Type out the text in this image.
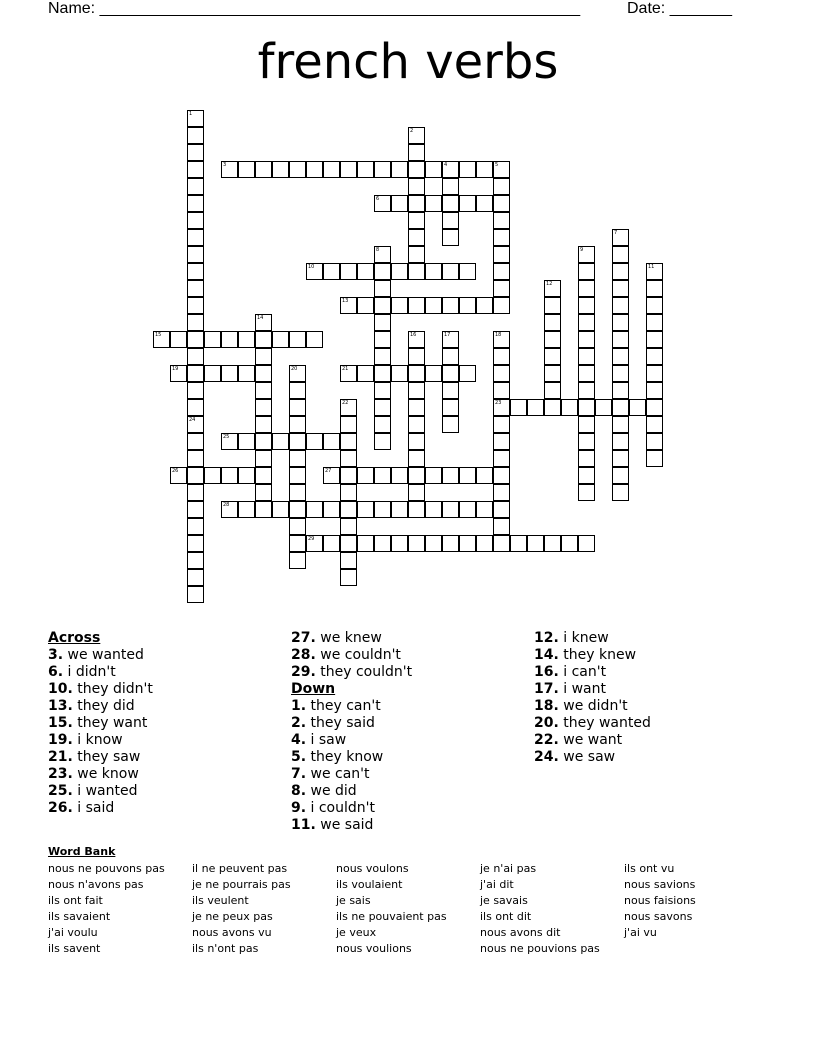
Name: ______________________________________________________	Date: _______
french verbs
1
24
2
3	4	5
6
7
8	9
10	11
12
13
14
15	16	17	18
23
19	20	21
22
25
26	27
28
29
Across
3. we wanted
6. i didn't
10. they didn't
13. they did
15. they want
19. i know
21. they saw
23. we know
25. i wanted
26. i said
27. we knew
28. we couldn't
29. they couldn't
Down
1. they can't
2. they said
4. i saw
5. they know
7. we can't
8. we did
9. i couldn't
11. we said
12. i knew
14. they knew
16. i can't
17. i want
18. we didn't
20. they wanted
22. we want
24. we saw
Word Bank
nous ne pouvons pas
nous n'avons pas
ils ont fait
ils savaient
j'ai voulu
ils savent
il ne peuvent pas
je ne pourrais pas
ils veulent
je ne peux pas
nous avons vu
ils n'ont pas
nous voulons
ils voulaient
je sais
ils ne pouvaient pas
je veux
nous voulions
je n'ai pas
j'ai dit
je savais
ils ont dit
nous avons dit
nous ne pouvions pas
ils ont vu
nous savions
nous faisions
nous savons
j'ai vu
